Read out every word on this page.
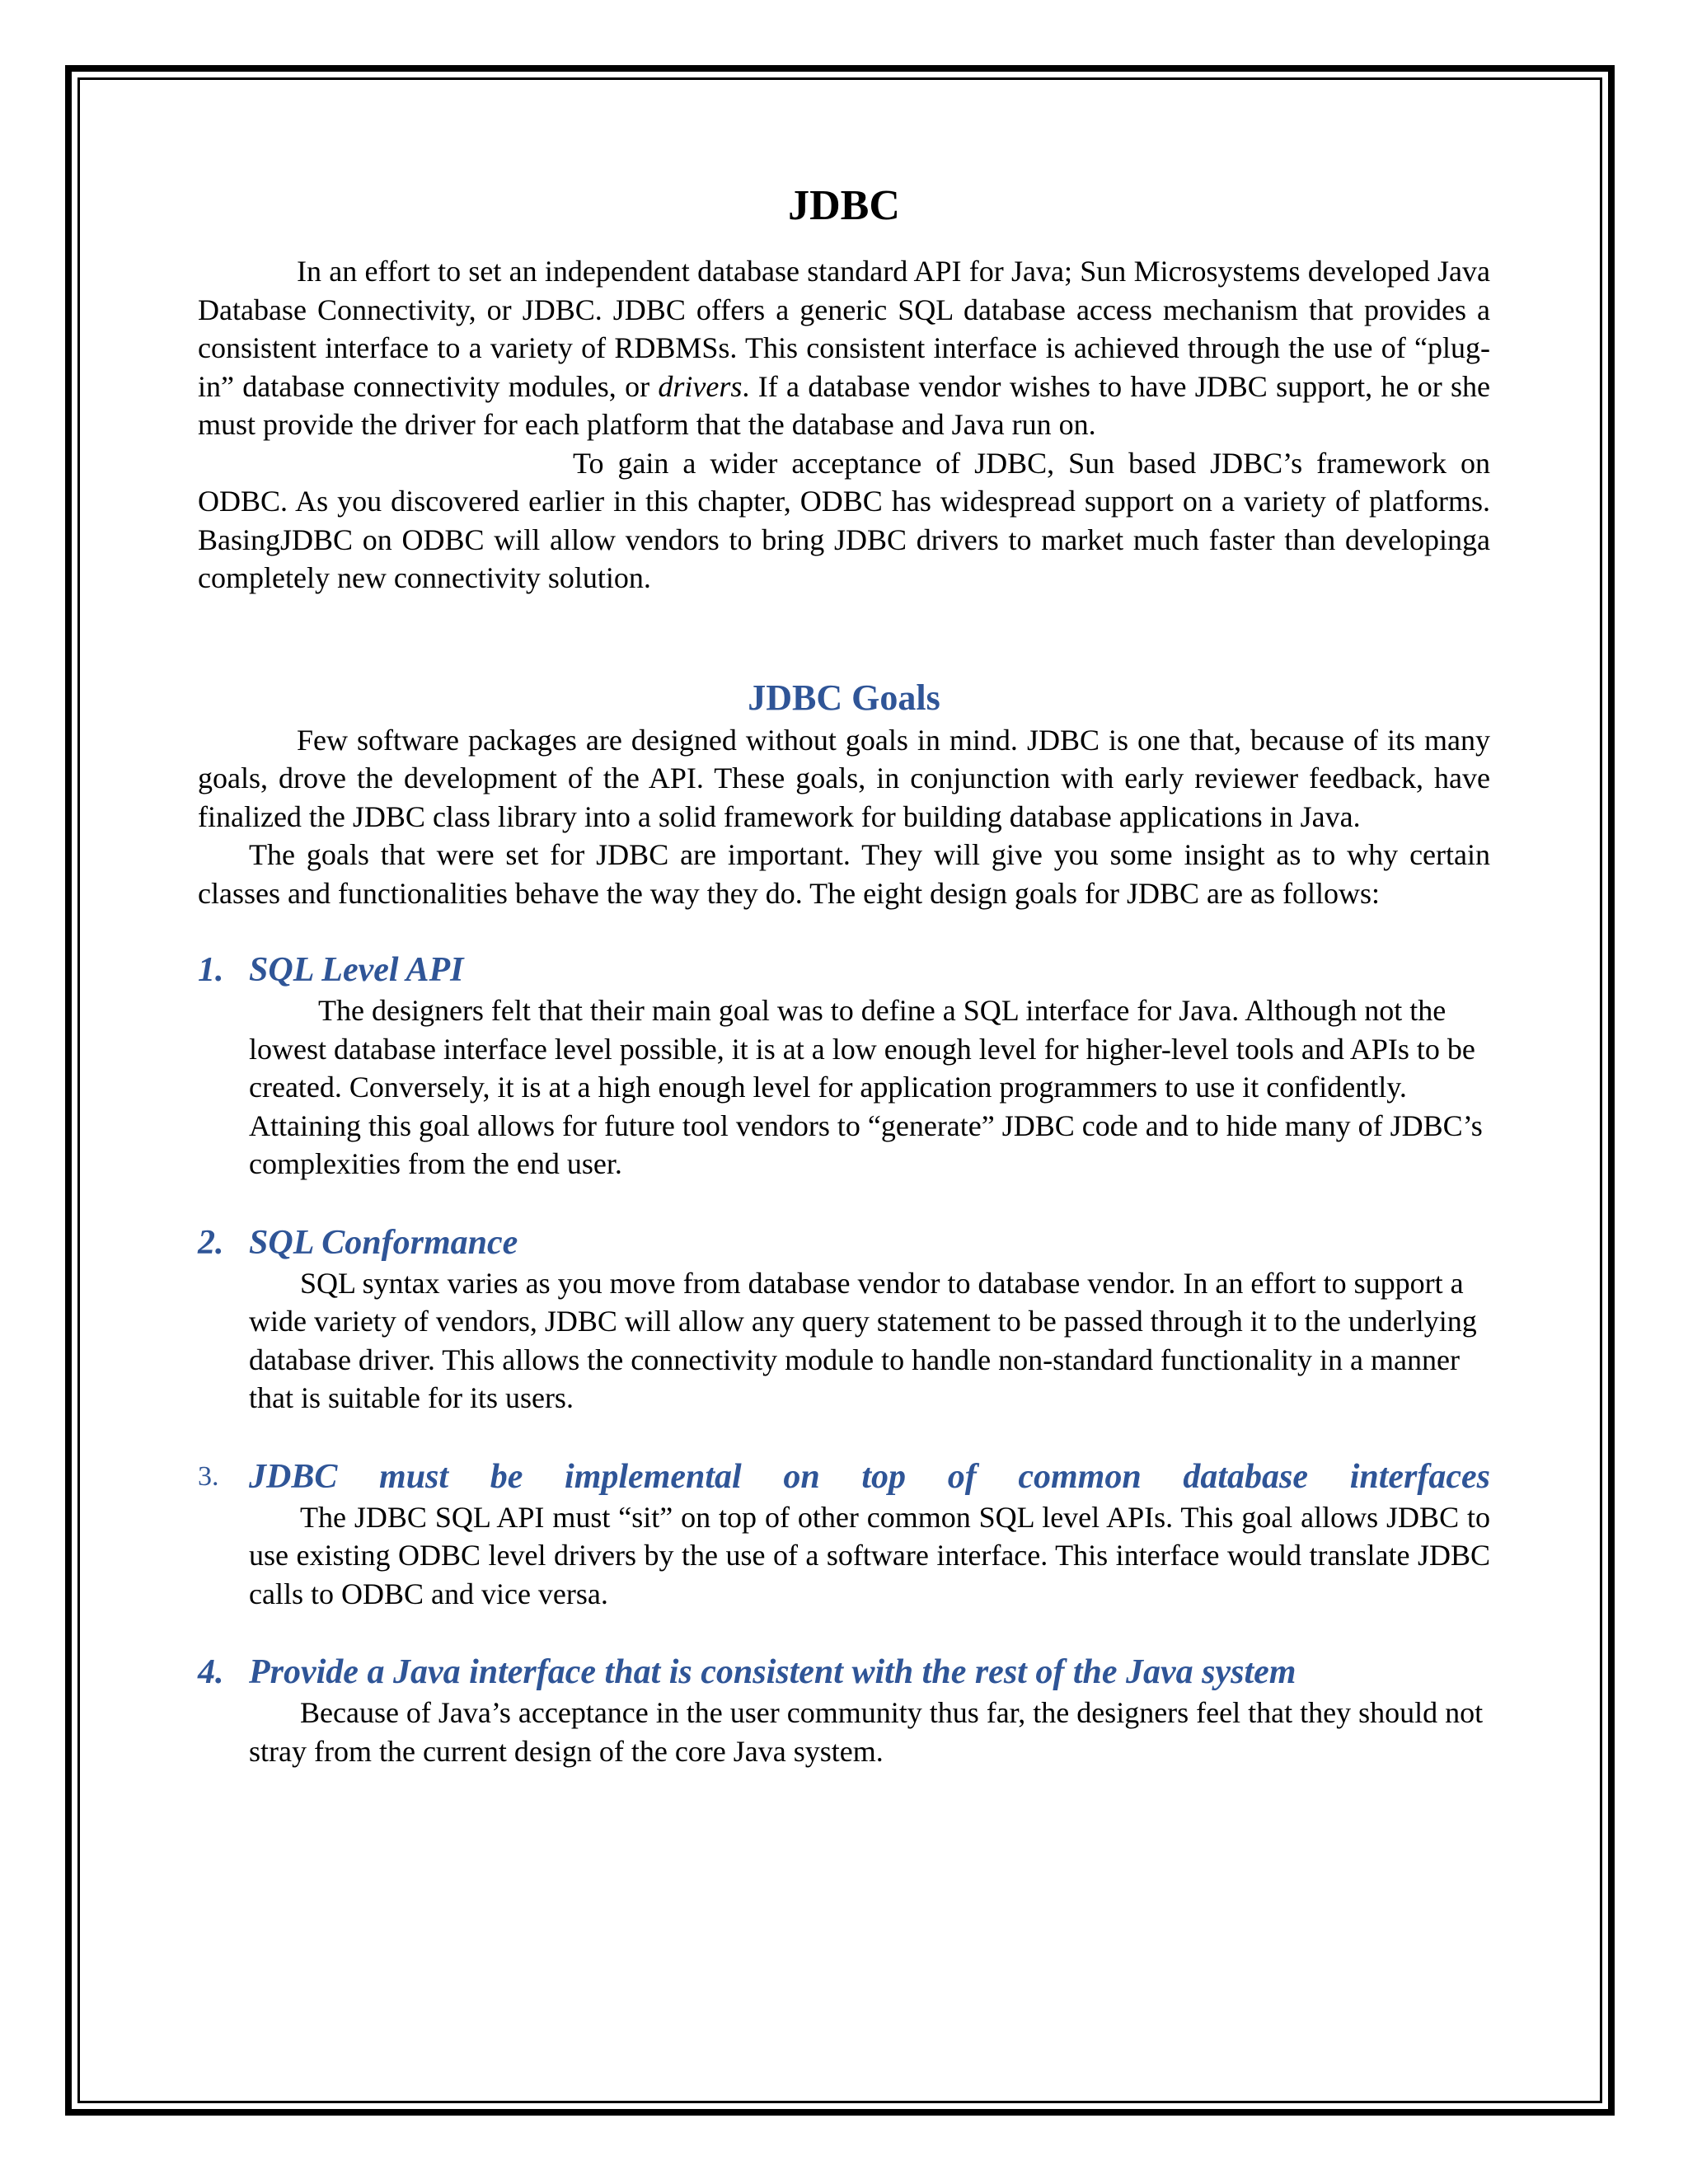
JDBC

In an effort to set an independent database standard API for Java; Sun Microsystems developed Java Database Connectivity, or JDBC. JDBC offers a generic SQL database access mechanism that provides a consistent interface to a variety of RDBMSs. This consistent interface is achieved through the use of “plug-in” database connectivity modules, or drivers. If a database vendor wishes to have JDBC support, he or she must provide the driver for each platform that the database and Java run on.

To gain a wider acceptance of JDBC, Sun based JDBC’s framework on ODBC. As you discovered earlier in this chapter, ODBC has widespread support on a variety of platforms. BasingJDBC on ODBC will allow vendors to bring JDBC drivers to market much faster than developinga completely new connectivity solution.

JDBC Goals

Few software packages are designed without goals in mind. JDBC is one that, because of its many goals, drove the development of the API. These goals, in conjunction with early reviewer feedback, have finalized the JDBC class library into a solid framework for building database applications in Java.

The goals that were set for JDBC are important. They will give you some insight as to why certain classes and functionalities behave the way they do. The eight design goals for JDBC are as follows:

1. SQL Level API

The designers felt that their main goal was to define a SQL interface for Java. Although not the lowest database interface level possible, it is at a low enough level for higher-level tools and APIs to be created. Conversely, it is at a high enough level for application programmers to use it confidently. Attaining this goal allows for future tool vendors to “generate” JDBC code and to hide many of JDBC’s complexities from the end user.

2. SQL Conformance

SQL syntax varies as you move from database vendor to database vendor. In an effort to support a wide variety of vendors, JDBC will allow any query statement to be passed through it to the underlying database driver. This allows the connectivity module to handle non-standard functionality in a manner that is suitable for its users.

3. JDBC must be implemental on top of common database interfaces

The JDBC SQL API must “sit” on top of other common SQL level APIs. This goal allows JDBC to use existing ODBC level drivers by the use of a software interface. This interface would translate JDBC calls to ODBC and vice versa.

4. Provide a Java interface that is consistent with the rest of the Java system

Because of Java’s acceptance in the user community thus far, the designers feel that they should not stray from the current design of the core Java system.
